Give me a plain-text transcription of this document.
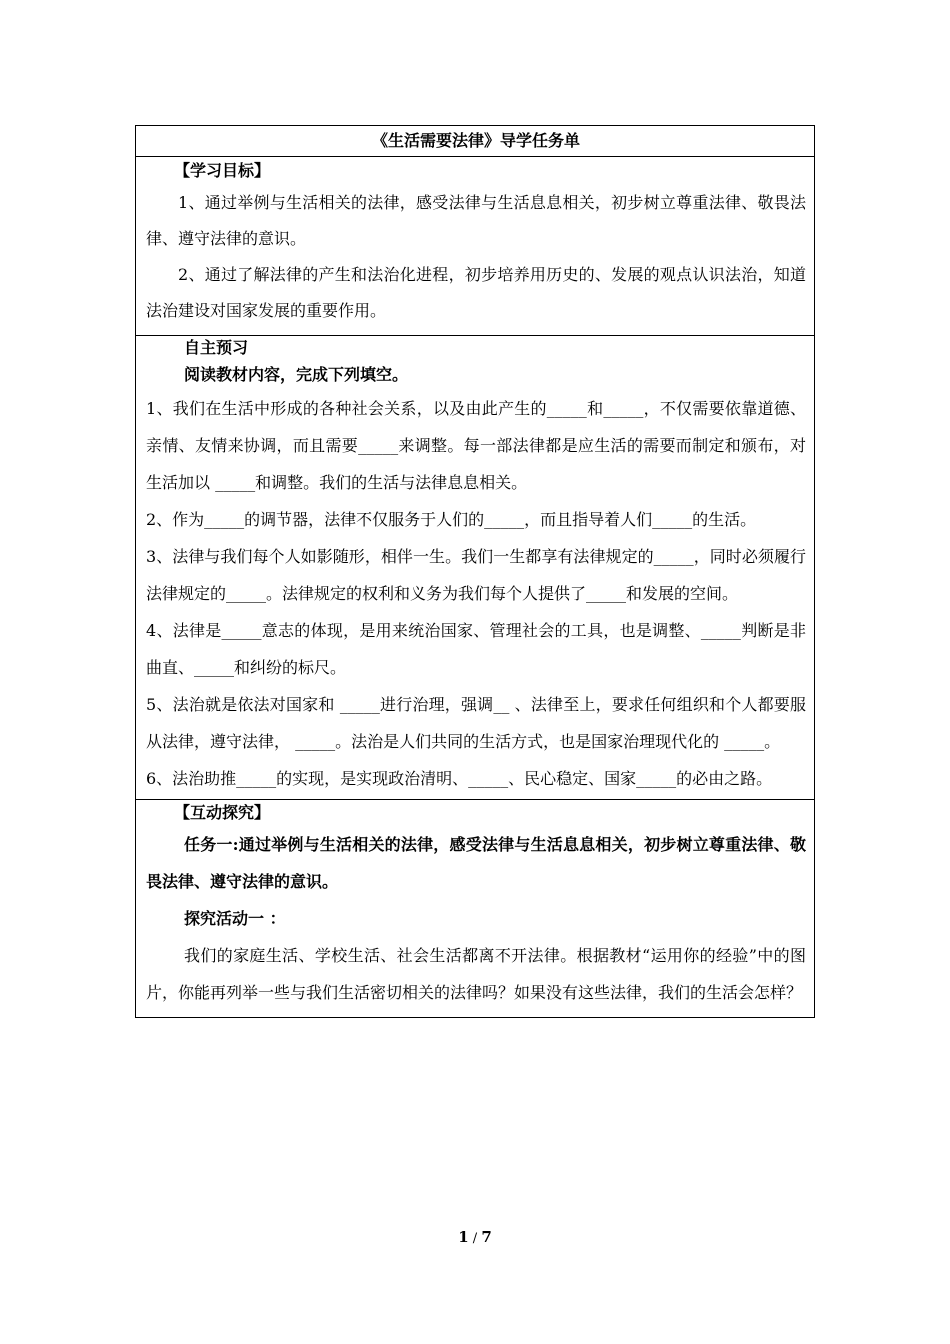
《生活需要法律》导学任务单

【学习目标】

1、通过举例与生活相关的法律，感受法律与生活息息相关，初步树立尊重法律、敬畏法律、遵守法律的意识。

2、通过了解法律的产生和法治化进程，初步培养用历史的、发展的观点认识法治，知道法治建设对国家发展的重要作用。

自主预习
阅读教材内容，完成下列填空。

1、我们在生活中形成的各种社会关系，以及由此产生的_____和_____，不仅需要依靠道德、亲情、友情来协调，而且需要_____来调整。每一部法律都是应生活的需要而制定和颁布，对生活加以 _____和调整。我们的生活与法律息息相关。

2、作为_____的调节器，法律不仅服务于人们的_____，而且指导着人们_____的生活。

3、法律与我们每个人如影随形，相伴一生。我们一生都享有法律规定的_____，同时必须履行法律规定的_____。法律规定的权利和义务为我们每个人提供了_____和发展的空间。

4、法律是_____意志的体现，是用来统治国家、管理社会的工具，也是调整、_____判断是非曲直、_____和纠纷的标尺。

5、法治就是依法对国家和 _____进行治理，强调__ 、法律至上，要求任何组织和个人都要服从法律，遵守法律， _____。法治是人们共同的生活方式，也是国家治理现代化的 _____。

6、法治助推_____的实现，是实现政治清明、_____、民心稳定、国家_____的必由之路。

【互动探究】

任务一:通过举例与生活相关的法律，感受法律与生活息息相关，初步树立尊重法律、敬畏法律、遵守法律的意识。

探究活动一 ：

我们的家庭生活、学校生活、社会生活都离不开法律。根据教材“运用你的经验”中的图片，你能再列举一些与我们生活密切相关的法律吗？如果没有这些法律，我们的生活会怎样？

1 / 7
